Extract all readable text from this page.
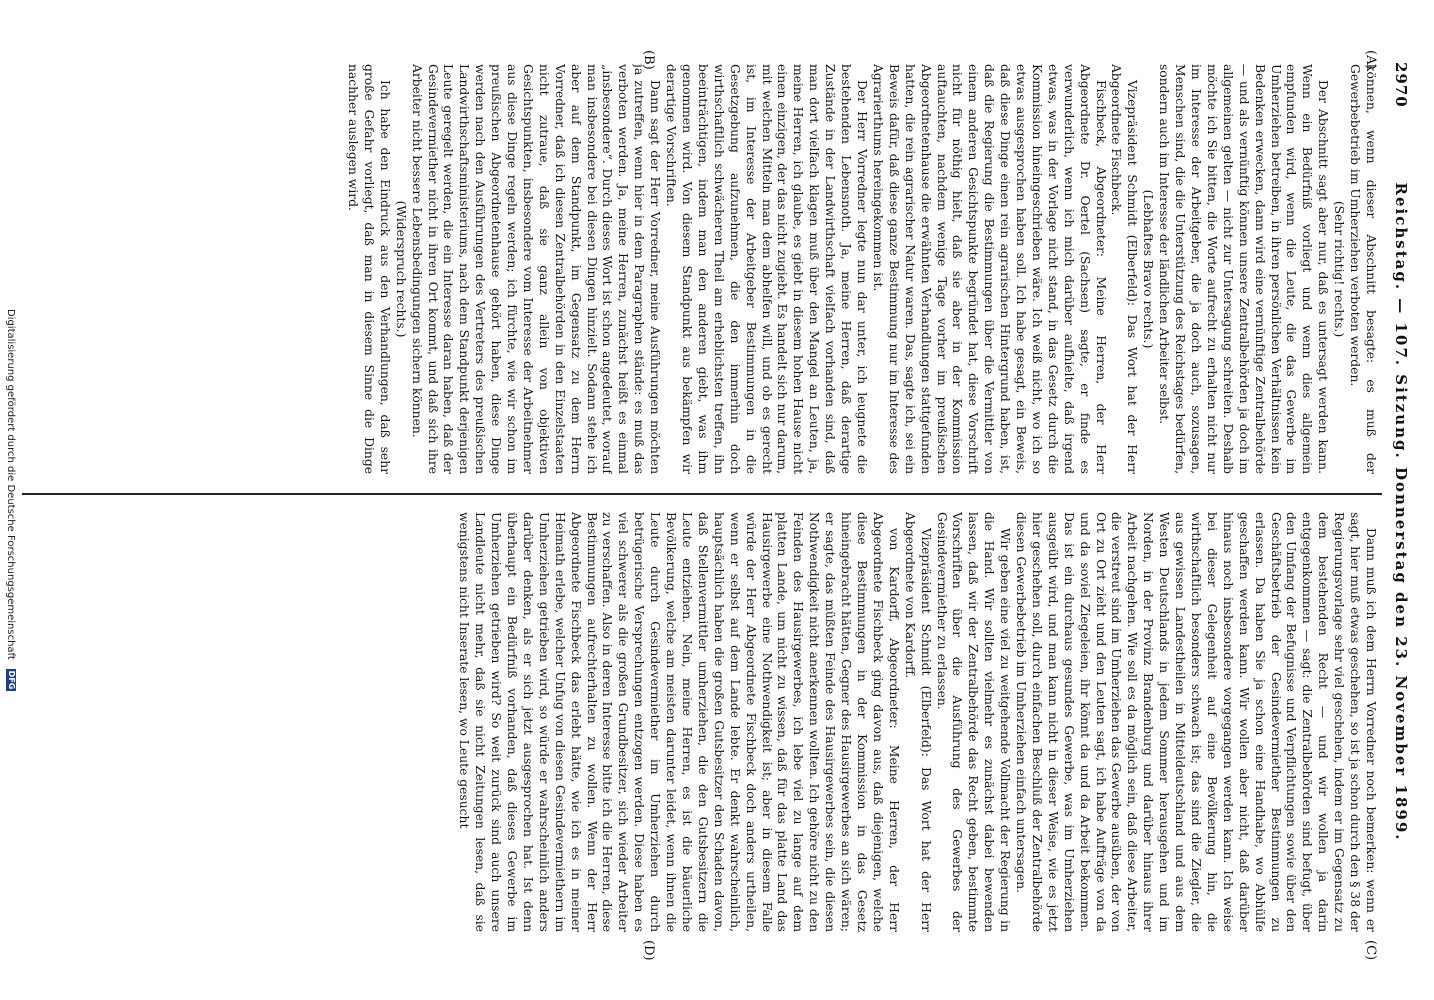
2970
Reichstag. — 107. Sitzung. Donnerstag den 23. November 1899.
(A)
(B)
(C)
(D)

können, wenn dieser Abschnitt besagte: es muß der Gewerbebetrieb im Umherziehen verboten werden.

(Sehr richtig! rechts.)

Der Abschnitt sagt aber nur, daß es untersagt werden kann. Wenn ein Bedürfniß vorliegt und wenn dies allgemein empfunden wird, wenn die Leute, die das Gewerbe im Umherziehen betreiben, in ihren persönlichen Verhältnissen kein Bedenken erwecken, dann wird eine vernünftige Zentralbehörde — und als vernünftig können unsere Zentralbehörden ja doch im allgemeinen gelten — nicht zur Untersagung schreiten. Deshalb möchte ich Sie bitten, die Worte aufrecht zu erhalten nicht nur im Interesse der Arbeitgeber, die ja doch auch, sozusagen, Menschen sind, die die Unterstützung des Reichstages bedürfen, sondern auch im Interesse der ländlichen Arbeiter selbst.

(Lebhaftes Bravo rechts.)

Vizepräsident Schmidt (Elberfeld): Das Wort hat der Herr Abgeordnete Fischbeck.

Fischbeck, Abgeordneter: Meine Herren, der Herr Abgeordnete Dr. Oertel (Sachsen) sagte, er finde es verwunderlich, wenn ich mich darüber aufhielte, daß irgend etwas, was in der Vorlage nicht stand, in das Gesetz durch die Kommission hineingeschrieben wäre. Ich weiß nicht, wo ich so etwas ausgesprochen haben soll. Ich habe gesagt, ein Beweis, daß diese Dinge einen rein agrarischen Hintergrund haben, ist, daß die Regierung die Bestimmungen über die Vermittler von einem anderen Gesichtspunkte begründet hat, diese Vorschrift nicht für nöthig hielt, daß sie aber in der Kommission auftauchten, nachdem wenige Tage vorher im preußischen Abgeordnetenhause die erwähnten Verhandlungen stattgefunden hatten, die rein agrarischer Natur waren. Das, sagte ich, sei ein Beweis dafür, daß diese ganze Bestimmung nur im Interesse des Agrarierthums hereingekommen ist.

Der Herr Vorredner legte nun dar unter, ich leugnete die bestehenden Lebensnoth. Ja, meine Herren, daß derartige Zustände in der Landwirthschaft vielfach vorhanden sind, daß man dort vielfach klagen muß über den Mangel an Leuten, ja, meine Herren, ich glaube, es giebt in diesem hohen Hause nicht einen einzigen, der das nicht zugiebt. Es handelt sich nur darum, mit welchen Mitteln man dem abhelfen will, und ob es gerecht ist, im Interesse der Arbeitgeber Bestimmungen in die Gesetzgebung aufzunehmen, die den immerhin doch wirthschaftlich schwächeren Theil am erheblichsten treffen, ihn beeinträchtigen, indem man den anderen giebt, was ihm genommen wird. Von diesem Standpunkt aus bekämpfen wir derartige Vorschriften.

Dann sagt der Herr Vorredner, meine Ausführungen möchten ja zutreffen, wenn hier in dem Paragraphen stände: es muß das verboten werden. Ja, meine Herren, zunächst heißt es einmal „insbesondere“. Durch dieses Wort ist schon angedeutet, worauf man insbesondere bei diesen Dingen hinzielt. Sodann stehe ich aber auf dem Standpunkt, im Gegensatz zu dem Herrn Vorredner, daß ich diesen Zentralbehörden in den Einzelstaaten nicht zutraue, daß sie ganz allein von objektiven Gesichtspunkten, insbesondere vom Interesse der Arbeitnehmer aus diese Dinge regeln werden; ich fürchte, wie wir schon im preußischen Abgeordnetenhause gehört haben, diese Dinge werden nach den Ausführungen des Vertreters des preußischen Landwirthschaftsministeriums, nach dem Standpunkt derjenigen Leute geregelt werden, die ein Interesse daran haben, daß der Gesindevermiether nicht in ihren Ort kommt, und daß sich ihre Arbeiter nicht bessere Lebensbedingungen sichern können.

(Widerspruch rechts.)

Ich habe den Eindruck aus den Verhandlungen, daß sehr große Gefahr vorliegt, daß man in diesem Sinne die Dinge nachher auslegen wird.

Dann muß ich dem Herrn Vorredner noch bemerken: wenn er sagt, hier muß etwas geschehen, so ist ja schon durch den § 38 der Regierungsvorlage sehr viel geschehen, indem er im Gegensatz zu dem bestehenden Recht — und wir wollen ja darin entgegenkommen — sagt: die Zentralbehörden sind befugt, über den Umfang der Befugnisse und Verpflichtungen sowie über den Geschäftsbetrieb der Gesindevermiether Bestimmungen zu erlassen. Da haben Sie ja schon eine Handhabe, wo Abhülfe geschaffen werden kann. Wir wollen aber nicht, daß darüber hinaus noch insbesondere vorgegangen werden kann. Ich weise bei dieser Gelegenheit auf eine Bevölkerung hin, die wirthschaftlich besonders schwach ist; das sind die Ziegler, die aus gewissen Landestheilen in Mitteldeutschland und aus dem Westen Deutschlands in jedem Sommer herausgehen und im Norden, in der Provinz Brandenburg und darüber hinaus ihrer Arbeit nachgehen. Wie soll es da möglich sein, daß diese Arbeiter, die verstreut sind im Umherziehen das Gewerbe ausüben, der von Ort zu Ort zieht und den Leuten sagt, ich habe Aufträge von da und da soviel Ziegeleien, ihr könnt da und da Arbeit bekommen. Das ist ein durchaus gesundes Gewerbe, was im Umherziehen ausgeübt wird, und man kann nicht in dieser Weise, wie es jetzt hier geschehen soll, durch einfachen Beschluß der Zentralbehörde diesen Gewerbebetrieb im Umherziehen einfach untersagen.

Wir geben eine viel zu weitgehende Vollmacht der Regierung in die Hand. Wir sollten vielmehr es zunächst dabei bewenden lassen, daß wir der Zentralbehörde das Recht geben, bestimmte Vorschriften über die Ausführung des Gewerbes der Gesindevermiether zu erlassen.

Vizepräsident Schmidt (Elberfeld): Das Wort hat der Herr Abgeordnete von Kardorff.

von Kardorff, Abgeordneter: Meine Herren, der Herr Abgeordnete Fischbeck ging davon aus, daß diejenigen, welche diese Bestimmungen in der Kommission in das Gesetz hineingebracht hätten, Gegner des Hausirgewerbes an sich wären; er sagte, das müßten Feinde des Hausirgewerbes sein, die diesen Nothwendigkeit nicht anerkennen wollten. Ich gehöre nicht zu den Feinden des Hausirgewerbes, ich lebe viel zu lange auf dem platten Lande, um nicht zu wissen, daß für das platte Land das Hausirgewerbe eine Nothwendigkeit ist; aber in diesem Falle würde der Herr Abgeordnete Fischbeck doch anders urtheilen, wenn er selbst auf dem Lande lebte. Er denkt wahrscheinlich, hauptsächlich haben die großen Gutsbesitzer den Schaden davon, daß Stellenvermittler umherziehen, die den Gutsbesitzern die Leute entziehen. Nein, meine Herren, es ist die bäuerliche Bevölkerung, welche am meisten darunter leidet, wenn ihnen die Leute durch Gesindevermiether im Umherziehen durch betrügerische Versprechungen entzogen werden. Diese haben es viel schwerer als die großen Grundbesitzer, sich wieder Arbeiter zu verschaffen. Also in deren Interesse bitte ich die Herren, diese Bestimmungen aufrechterhalten zu wollen. Wenn der Herr Abgeordnete Fischbeck das erlebt hätte, wie ich es in meiner Heimath erlebe, welcher Unfug von diesen Gesindevermiethern im Umherziehen getrieben wird, so würde er wahrscheinlich anders darüber denken, als er sich jetzt ausgesprochen hat. Ist denn überhaupt ein Bedürfniß vorhanden, daß dieses Gewerbe im Umherziehen getrieben wird? So weit zurück sind auch unsere Landleute nicht mehr, daß sie nicht Zeitungen lesen, daß sie wenigstens nicht Inserate lesen, wo Leute gesucht

Digitalisierung gefördert durch die Deutsche Forschungsgemeinschaft DFG
